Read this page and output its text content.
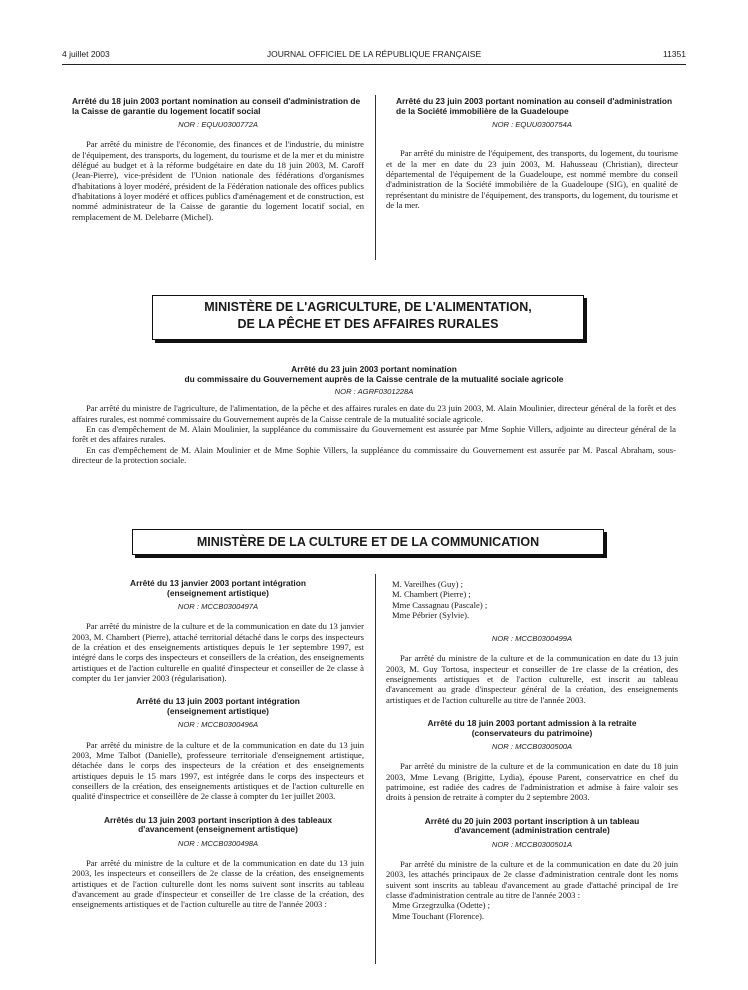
4 juillet 2003	JOURNAL OFFICIEL DE LA RÉPUBLIQUE FRANÇAISE	11351
Arrêté du 18 juin 2003 portant nomination au conseil d'administration de la Caisse de garantie du logement locatif social
NOR : EQUU0300772A

Par arrêté du ministre de l'économie, des finances et de l'industrie, du ministre de l'équipement, des transports, du logement, du tourisme et de la mer et du ministre délégué au budget et à la réforme budgétaire en date du 18 juin 2003, M. Caroff (Jean-Pierre), vice-président de l'Union nationale des fédérations d'organismes d'habitations à loyer modéré, président de la Fédération nationale des offices publics d'habitations à loyer modéré et offices publics d'aménagement et de construction, est nommé administrateur de la Caisse de garantie du logement locatif social, en remplacement de M. Delebarre (Michel).

Arrêté du 23 juin 2003 portant nomination au conseil d'administration de la Société immobilière de la Guadeloupe
NOR : EQUU0300754A

Par arrêté du ministre de l'équipement, des transports, du logement, du tourisme et de la mer en date du 23 juin 2003, M. Hahusseau (Christian), directeur départemental de l'équipement de la Guadeloupe, est nommé membre du conseil d'administration de la Société immobilière de la Guadeloupe (SIG), en qualité de représentant du ministre de l'équipement, des transports, du logement, du tourisme et de la mer.

MINISTÈRE DE L'AGRICULTURE, DE L'ALIMENTATION,
DE LA PÊCHE ET DES AFFAIRES RURALES
Arrêté du 23 juin 2003 portant nomination
du commissaire du Gouvernement auprès de la Caisse centrale de la mutualité sociale agricole
NOR : AGRF0301228A

Par arrêté du ministre de l'agriculture, de l'alimentation, de la pêche et des affaires rurales en date du 23 juin 2003, M. Alain Moulinier, directeur général de la forêt et des affaires rurales, est nommé commissaire du Gouvernement auprès de la Caisse centrale de la mutualité sociale agricole.

En cas d'empêchement de M. Alain Moulinier, la suppléance du commissaire du Gouvernement est assurée par Mme Sophie Villers, adjointe au directeur général de la forêt et des affaires rurales.

En cas d'empêchement de M. Alain Moulinier et de Mme Sophie Villers, la suppléance du commissaire du Gouvernement est assurée par M. Pascal Abraham, sous-directeur de la protection sociale.

MINISTÈRE DE LA CULTURE ET DE LA COMMUNICATION
Arrêté du 13 janvier 2003 portant intégration (enseignement artistique)
NOR : MCCB0300497A

Par arrêté du ministre de la culture et de la communication en date du 13 janvier 2003, M. Chambert (Pierre), attaché territorial détaché dans le corps des inspecteurs de la création et des enseignements artistiques depuis le 1er septembre 1997, est intégré dans le corps des inspecteurs et conseillers de la création, des enseignements artistiques et de l'action culturelle en qualité d'inspecteur et conseiller de 2e classe à compter du 1er janvier 2003 (régularisation).

Arrêté du 13 juin 2003 portant intégration (enseignement artistique)
NOR : MCCB0300496A

Par arrêté du ministre de la culture et de la communication en date du 13 juin 2003, Mme Talbot (Danielle), professeure territoriale d'enseignement artistique, détachée dans le corps des inspecteurs de la création et des enseignements artistiques depuis le 15 mars 1997, est intégrée dans le corps des inspecteurs et conseillers de la création, des enseignements artistiques et de l'action culturelle en qualité d'inspectrice et conseillère de 2e classe à compter du 1er juillet 2003.

Arrêtés du 13 juin 2003 portant inscription à des tableaux d'avancement (enseignement artistique)
NOR : MCCB0300498A

Par arrêté du ministre de la culture et de la communication en date du 13 juin 2003, les inspecteurs et conseillers de 2e classe de la création, des enseignements artistiques et de l'action culturelle dont les noms suivent sont inscrits au tableau d'avancement au grade d'inspecteur et conseiller de 1re classe de la création, des enseignements artistiques et de l'action culturelle au titre de l'année 2003 :

M. Vareilhes (Guy) ;
M. Chambert (Pierre) ;
Mme Cassagnau (Pascale) ;
Mme Pébrier (Sylvie).
NOR : MCCB0300499A

Par arrêté du ministre de la culture et de la communication en date du 13 juin 2003, M. Guy Tortosa, inspecteur et conseiller de 1re classe de la création, des enseignements artistiques et de l'action culturelle, est inscrit au tableau d'avancement au grade d'inspecteur général de la création, des enseignements artistiques et de l'action culturelle au titre de l'année 2003.

Arrêté du 18 juin 2003 portant admission à la retraite (conservateurs du patrimoine)
NOR : MCCB0300500A

Par arrêté du ministre de la culture et de la communication en date du 18 juin 2003, Mme Levang (Brigitte, Lydia), épouse Parent, conservatrice en chef du patrimoine, est radiée des cadres de l'administration et admise à faire valoir ses droits à pension de retraite à compter du 2 septembre 2003.

Arrêté du 20 juin 2003 portant inscription à un tableau d'avancement (administration centrale)
NOR : MCCB0300501A

Par arrêté du ministre de la culture et de la communication en date du 20 juin 2003, les attachés principaux de 2e classe d'administration centrale dont les noms suivent sont inscrits au tableau d'avancement au grade d'attaché principal de 1re classe d'administration centrale au titre de l'année 2003 :

Mme Grzegrzulka (Odette) ;
Mme Touchant (Florence).
